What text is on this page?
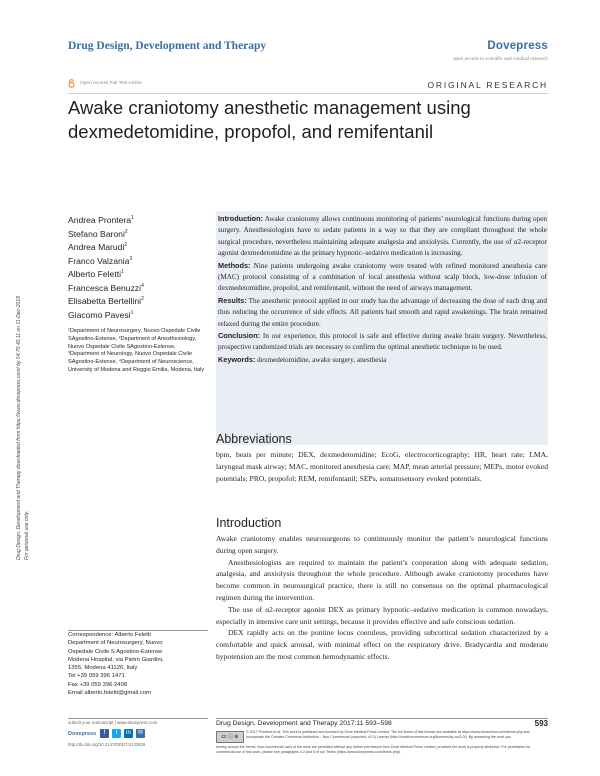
Drug Design, Development and Therapy	Dovepress
open access to scientific and medical research
Open Access Full Text Article	ORIGINAL RESEARCH
Awake craniotomy anesthetic management using dexmedetomidine, propofol, and remifentanil
Drug Design, Development and Therapy downloaded from https://www.dovepress.com/ by 54.70.40.11 on 11-Dec-2018 For personal use only.
Andrea Prontera$^1$
Stefano Baroni$^2$
Andrea Marudi$^2$
Franco Valzania$^3$
Alberto Feletti$^1$
Francesca Benuzzi$^4$
Elisabetta Bertellini$^2$
Giacomo Pavesi$^1$
¹Department of Neurosurgery, Nuovo Ospedale Civile SAgostino-Estense, ²Department of Anesthesiology, Nuovo Ospedale Civile SAgostino-Estense, ³Department of Neurology, Nuovo Ospedale Civile SAgostino-Estense, ⁴Department of Neuroscience, University of Modena and Reggio Emilia, Modena, Italy
Introduction: Awake craniotomy allows continuous monitoring of patients’ neurological functions during open surgery. Anesthesiologists have to sedate patients in a way so that they are compliant throughout the whole surgical procedure, nevertheless maintaining adequate analgesia and anxiolysis. Currently, the use of α2-receptor agonist dexmedetomidine as the primary hypnotic–sedative medication is increasing.
Methods: Nine patients undergoing awake craniotomy were treated with refined monitored anesthesia care (MAC) protocol consisting of a combination of local anesthesia without scalp block, low-dose infusion of dexmedetomidine, propofol, and remifentanil, without the need of airways management.
Results: The anesthetic protocol applied in our study has the advantage of decreasing the dose of each drug and thus reducing the occurrence of side effects. All patients had smooth and rapid awakenings. The brain remained relaxed during the entire procedure.
Conclusion: In our experience, this protocol is safe and effective during awake brain surgery. Nevertheless, prospective randomized trials are necessary to confirm the optimal anesthetic technique to be used.
Keywords: dexmedetomidine, awake surgery, anesthesia
Abbreviations
bpm, beats per minute; DEX, dexmedetomidine; EcoG, electrocorticography; HR, heart rate; LMA, laryngeal mask airway; MAC, monitored anesthesia care; MAP, mean arterial pressure; MEPs, motor evoked potentials; PRO, propofol; REM, remifentanil; SEPs, somatosensory evoked potentials.
Introduction
Awake craniotomy enables neurosurgeons to continuously monitor the patient’s neurological functions during open surgery.
Anesthesiologists are required to maintain the patient’s cooperation along with adequate sedation, analgesia, and anxiolysis throughout the whole procedure. Although awake craniotomy procedures have become common in neurosurgical practice, there is still no consensus on the optimal pharmacological regimen during the intervention.
The use of α2-receptor agonist DEX as primary hypnotic–sedative medication is common nowadays, especially in intensive care unit settings, because it provides effective and safe conscious sedation.
DEX rapidly acts on the pontine locus coeruleus, providing subcortical sedation characterized by a comfortable and quick arousal, with minimal effect on the respiratory drive. Bradycardia and moderate hypotension are the most common hemodynamic effects.
Correspondence: Alberto Feletti
Department of Neurosurgery, Nuovo
Ospedale Civile S Agostino-Estense
Modena Hospital, via Pietro Giardini,
1355, Modena 41126, Italy
Tel +39 059 396 1471
Fax +39 059 396 2408
Email alberto.feletti@gmail.com
submit your manuscript | www.dovepress.com
Dovepress	f	t	in	✉
http://dx.doi.org/10.2147/DDDT.S133626
Drug Design, Development and Therapy 2017:11 593–598	593
cc ⓘ ⊜
© 2017 Prontera et al. This work is published and licensed by Dove Medical Press Limited. The full terms of this license are available at https://www.dovepress.com/terms.php and incorporate the Creative Commons Attribution – Non Commercial (unported, v3.0) License (http://creativecommons.org/licenses/by-nc/3.0/). By accessing the work you
hereby accept the Terms. Non-commercial uses of the work are permitted without any further permission from Dove Medical Press Limited, provided the work is properly attributed. For permission for commercial use of this work, please see paragraphs 4.2 and 5 of our Terms (https://www.dovepress.com/terms.php).
